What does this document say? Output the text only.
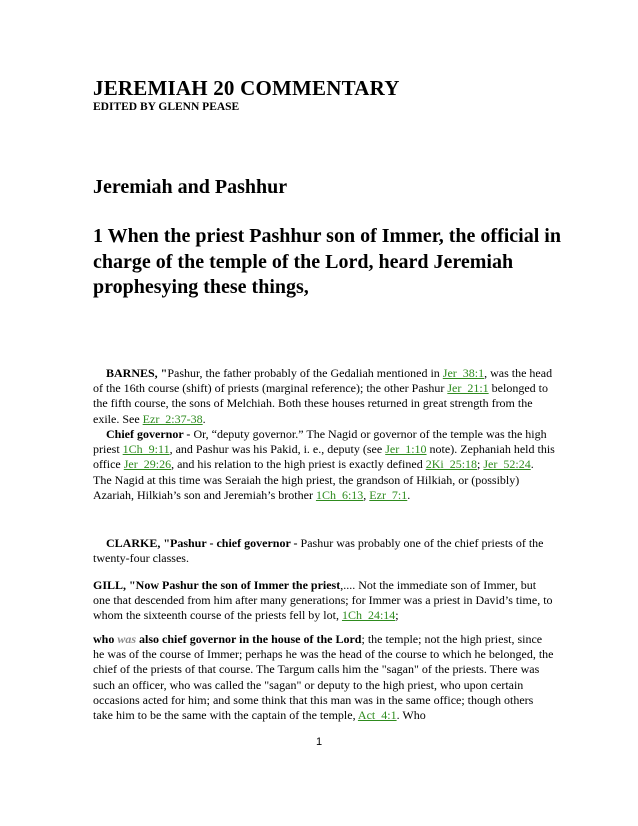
JEREMIAH 20 COMMENTARY
EDITED BY GLENN PEASE
Jeremiah and Pashhur
1 When the priest Pashhur son of Immer, the official in charge of the temple of the Lord, heard Jeremiah prophesying these things,
BARNES, "Pashur, the father probably of the Gedaliah mentioned in Jer_38:1, was the head of the 16th course (shift) of priests (marginal reference); the other Pashur Jer_21:1 belonged to the fifth course, the sons of Melchiah. Both these houses returned in great strength from the exile. See Ezr_2:37-38.
Chief governor - Or, “deputy governor.” The Nagid or governor of the temple was the high priest 1Ch_9:11, and Pashur was his Pakid, i. e., deputy (see Jer_1:10 note). Zephaniah held this office Jer_29:26, and his relation to the high priest is exactly defined 2Ki_25:18; Jer_52:24. The Nagid at this time was Seraiah the high priest, the grandson of Hilkiah, or (possibly) Azariah, Hilkiah’s son and Jeremiah’s brother 1Ch_6:13, Ezr_7:1.
CLARKE, "Pashur - chief governor - Pashur was probably one of the chief priests of the twenty-four classes.
GILL, "Now Pashur the son of Immer the priest,.... Not the immediate son of Immer, but one that descended from him after many generations; for Immer was a priest in David’s time, to whom the sixteenth course of the priests fell by lot, 1Ch_24:14;
who was also chief governor in the house of the Lord; the temple; not the high priest, since he was of the course of Immer; perhaps he was the head of the course to which he belonged, the chief of the priests of that course. The Targum calls him the "sagan" of the priests. There was such an officer, who was called the "sagan" or deputy to the high priest, who upon certain occasions acted for him; and some think that this man was in the same office; though others take him to be the same with the captain of the temple, Act_4:1. Who
1
